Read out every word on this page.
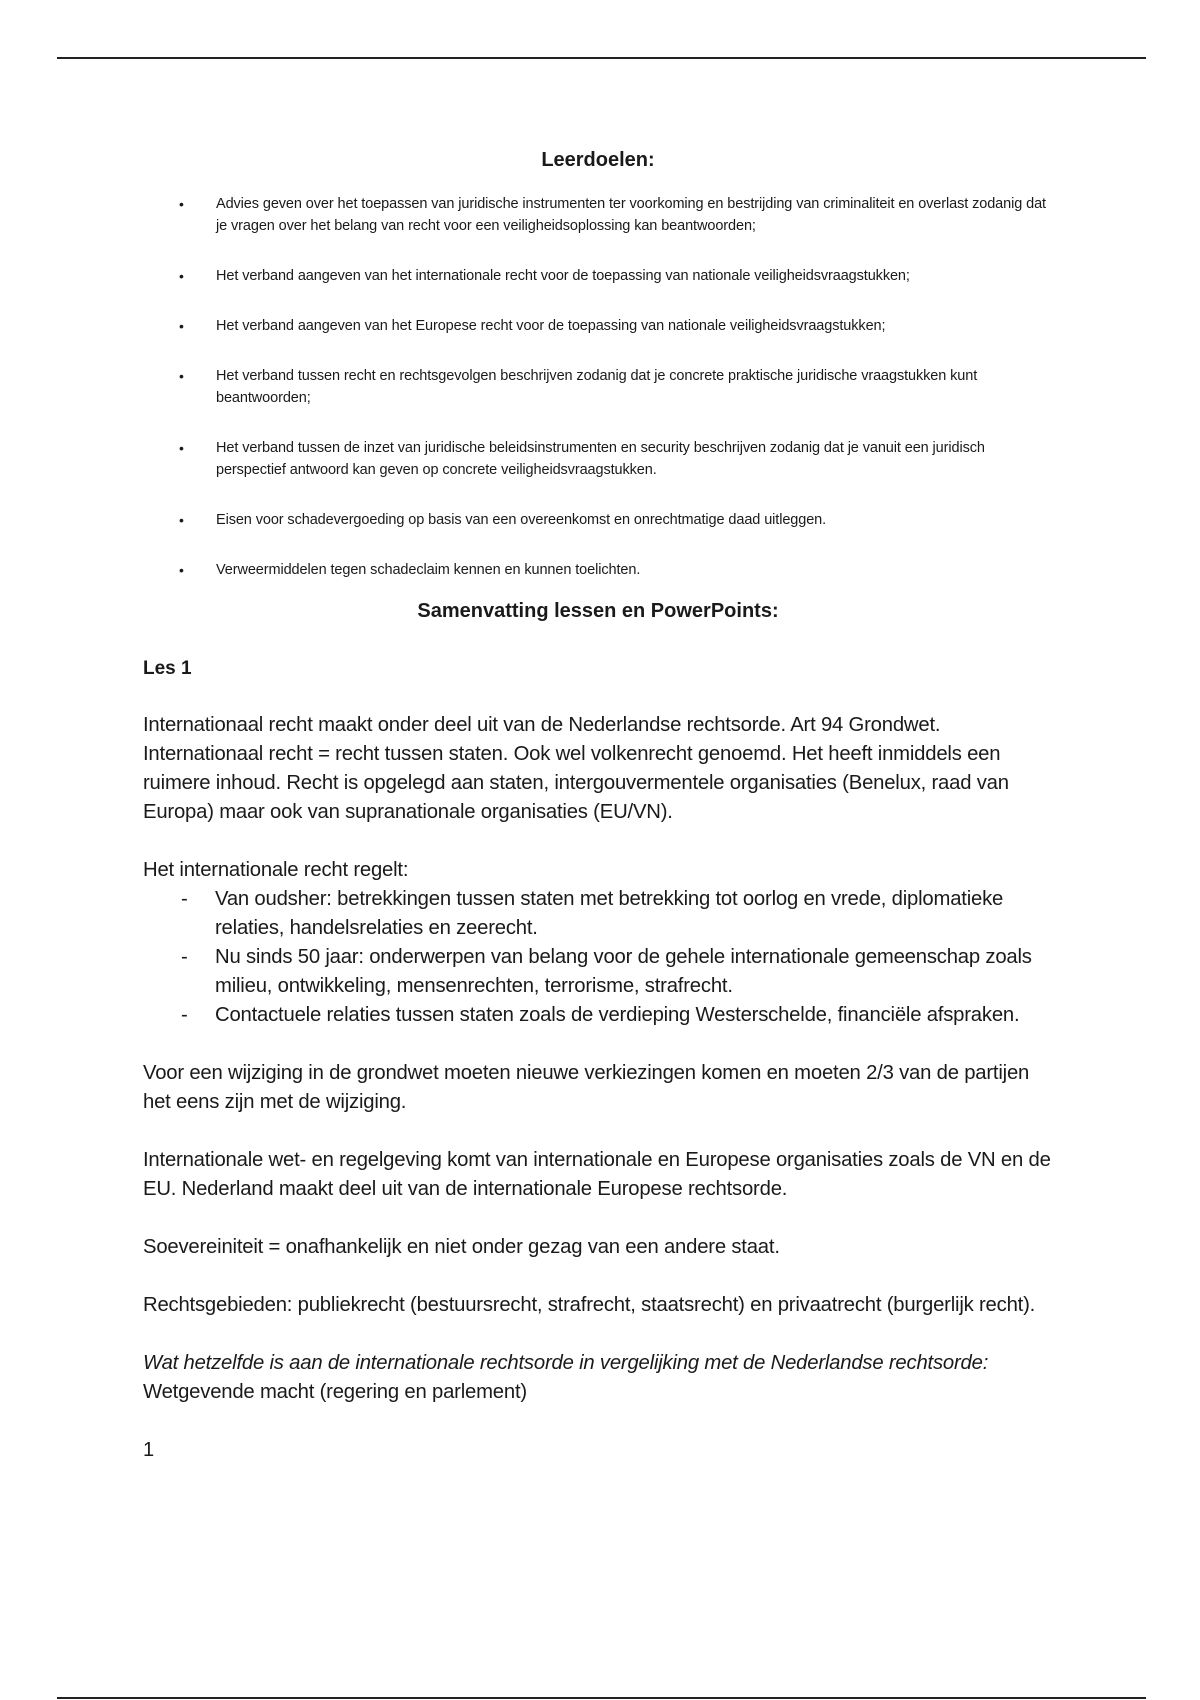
Leerdoelen:
• Advies geven over het toepassen van juridische instrumenten ter voorkoming en bestrijding van criminaliteit en overlast zodanig dat je vragen over het belang van recht voor een veiligheidsoplossing kan beantwoorden;
• Het verband aangeven van het internationale recht voor de toepassing van nationale veiligheidsvraagstukken;
• Het verband aangeven van het Europese recht voor de toepassing van nationale veiligheidsvraagstukken;
• Het verband tussen recht en rechtsgevolgen beschrijven zodanig dat je concrete praktische juridische vraagstukken kunt beantwoorden;
• Het verband tussen de inzet van juridische beleidsinstrumenten en security beschrijven zodanig dat je vanuit een juridisch perspectief antwoord kan geven op concrete veiligheidsvraagstukken.
• Eisen voor schadevergoeding op basis van een overeenkomst en onrechtmatige daad uitleggen.
• Verweermiddelen tegen schadeclaim kennen en kunnen toelichten.
Samenvatting lessen en PowerPoints:
Les 1

Internationaal recht maakt onder deel uit van de Nederlandse rechtsorde. Art 94 Grondwet. Internationaal recht = recht tussen staten. Ook wel volkenrecht genoemd. Het heeft inmiddels een ruimere inhoud. Recht is opgelegd aan staten, intergouvermentele organisaties (Benelux, raad van Europa) maar ook van supranationale organisaties (EU/VN).

Het internationale recht regelt:

- Van oudsher: betrekkingen tussen staten met betrekking tot oorlog en vrede, diplomatieke relaties, handelsrelaties en zeerecht.
- Nu sinds 50 jaar: onderwerpen van belang voor de gehele internationale gemeenschap zoals milieu, ontwikkeling, mensenrechten, terrorisme, strafrecht.
- Contactuele relaties tussen staten zoals de verdieping Westerschelde, financiële afspraken.

Voor een wijziging in de grondwet moeten nieuwe verkiezingen komen en moeten 2/3 van de partijen het eens zijn met de wijziging.

Internationale wet- en regelgeving komt van internationale en Europese organisaties zoals de VN en de EU. Nederland maakt deel uit van de internationale Europese rechtsorde.

Soevereiniteit = onafhankelijk en niet onder gezag van een andere staat.

Rechtsgebieden: publiekrecht (bestuursrecht, strafrecht, staatsrecht) en privaatrecht (burgerlijk recht).

Wat hetzelfde is aan de internationale rechtsorde in vergelijking met de Nederlandse rechtsorde:

Wetgevende macht (regering en parlement)

1
